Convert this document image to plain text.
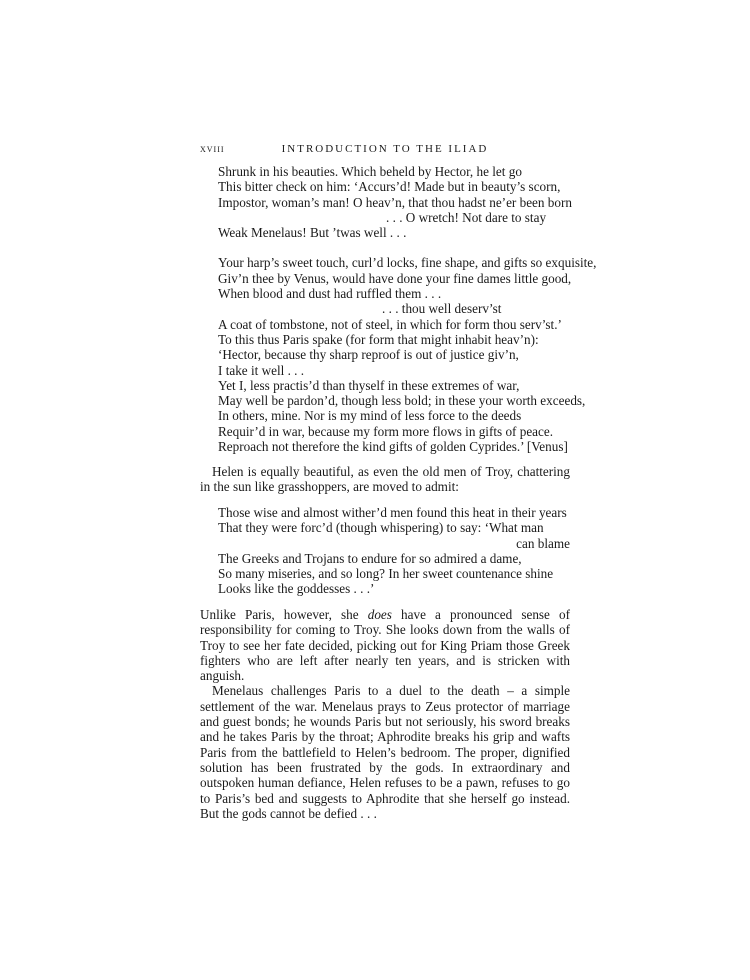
xviii	INTRODUCTION TO THE ILIAD
Shrunk in his beauties. Which beheld by Hector, he let go
This bitter check on him: ‘Accurs’d! Made but in beauty’s scorn,
Impostor, woman’s man! O heav’n, that thou hadst ne’er been born
. . . O wretch! Not dare to stay
Weak Menelaus! But ’twas well . . .
Your harp’s sweet touch, curl’d locks, fine shape, and gifts so exquisite,
Giv’n thee by Venus, would have done your fine dames little good,
When blood and dust had ruffled them . . .
. . . thou well deserv’st
A coat of tombstone, not of steel, in which for form thou serv’st.’
To this thus Paris spake (for form that might inhabit heav’n):
‘Hector, because thy sharp reproof is out of justice giv’n,
I take it well . . .
Yet I, less practis’d than thyself in these extremes of war,
May well be pardon’d, though less bold; in these your worth exceeds,
In others, mine. Nor is my mind of less force to the deeds
Requir’d in war, because my form more flows in gifts of peace.
Reproach not therefore the kind gifts of golden Cyprides.’ [Venus]

Helen is equally beautiful, as even the old men of Troy, chattering in the sun like grasshoppers, are moved to admit:

Those wise and almost wither’d men found this heat in their years
That they were forc’d (though whispering) to say: ‘What man
can blame
The Greeks and Trojans to endure for so admired a dame,
So many miseries, and so long? In her sweet countenance shine
Looks like the goddesses . . .’

Unlike Paris, however, she does have a pronounced sense of responsibility for coming to Troy. She looks down from the walls of Troy to see her fate decided, picking out for King Priam those Greek fighters who are left after nearly ten years, and is stricken with anguish.

Menelaus challenges Paris to a duel to the death – a simple settlement of the war. Menelaus prays to Zeus protector of marriage and guest bonds; he wounds Paris but not seriously, his sword breaks and he takes Paris by the throat; Aphrodite breaks his grip and wafts Paris from the battlefield to Helen’s bedroom. The proper, dignified solution has been frustrated by the gods. In extraordinary and outspoken human defiance, Helen refuses to be a pawn, refuses to go to Paris’s bed and suggests to Aphrodite that she herself go instead. But the gods cannot be defied . . .
